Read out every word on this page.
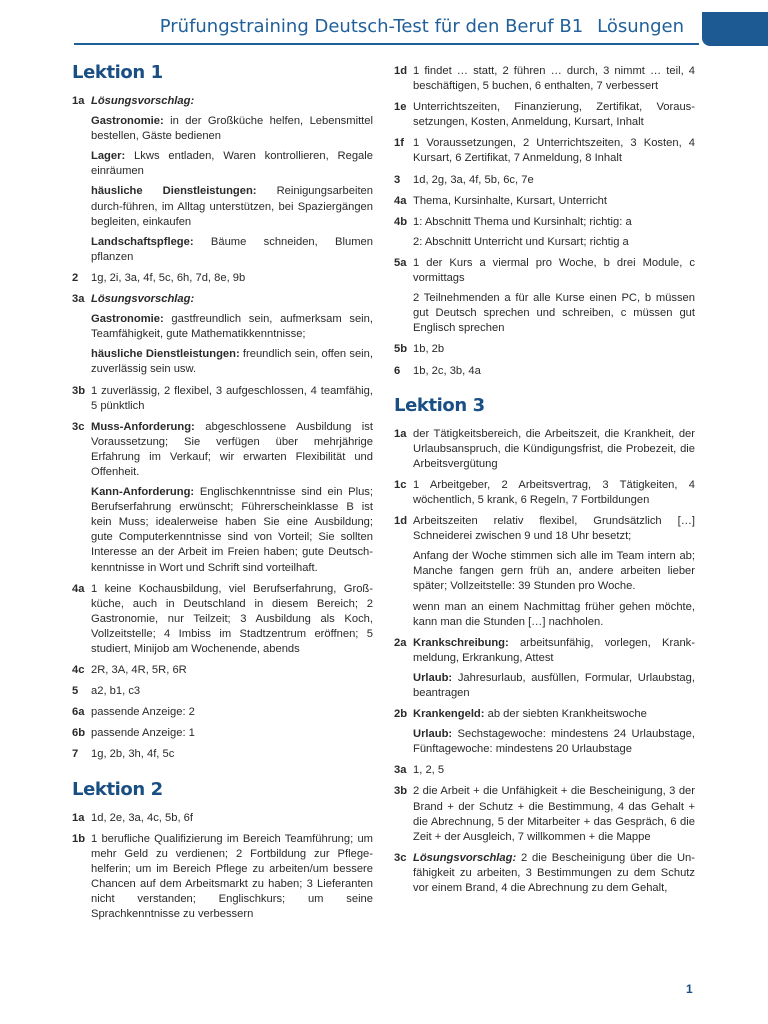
Prüfungstraining Deutsch-Test für den Beruf B1 Lösungen
Lektion 1
1a Lösungsvorschlag:
Gastronomie: in der Großküche helfen, Lebensmittel bestellen, Gäste bedienen
Lager: Lkws entladen, Waren kontrollieren, Regale einräumen
häusliche Dienstleistungen: Reinigungsarbeiten durch-führen, im Alltag unterstützen, bei Spaziergängen begleiten, einkaufen
Landschaftspflege: Bäume schneiden, Blumen pflanzen
2	1g, 2i, 3a, 4f, 5c, 6h, 7d, 8e, 9b
3a Lösungsvorschlag:
Gastronomie: gastfreundlich sein, aufmerksam sein, Teamfähigkeit, gute Mathematikkenntnisse;
häusliche Dienstleistungen: freundlich sein, offen sein, zuverlässig sein usw.
3b 1 zuverlässig, 2 flexibel, 3 aufgeschlossen, 4 teamfähig, 5 pünktlich
3c Muss-Anforderung: abgeschlossene Ausbildung ist Voraussetzung; Sie verfügen über mehrjährige Erfahrung im Verkauf; wir erwarten Flexibilität und Offenheit.
Kann-Anforderung: Englischkenntnisse sind ein Plus; Berufserfahrung erwünscht; Führerscheinklasse B ist kein Muss; idealerweise haben Sie eine Ausbildung; gute Computerkenntnisse sind von Vorteil; Sie sollten Interesse an der Arbeit im Freien haben; gute Deutsch-kenntnisse in Wort und Schrift sind vorteilhaft.
4a 1 keine Kochausbildung, viel Berufserfahrung, Groß-küche, auch in Deutschland in diesem Bereich; 2 Gastronomie, nur Teilzeit; 3 Ausbildung als Koch, Vollzeitstelle; 4 Imbiss im Stadtzentrum eröffnen; 5 studiert, Minijob am Wochenende, abends
4c 2R, 3A, 4R, 5R, 6R
5	a2, b1, c3
6a passende Anzeige: 2
6b passende Anzeige: 1
7	1g, 2b, 3h, 4f, 5c
Lektion 2
1a 1d, 2e, 3a, 4c, 5b, 6f
1b 1 berufliche Qualifizierung im Bereich Teamführung; um mehr Geld zu verdienen; 2 Fortbildung zur Pflege-helferin; um im Bereich Pflege zu arbeiten/um bessere Chancen auf dem Arbeitsmarkt zu haben; 3 Lieferanten nicht verstanden; Englischkurs; um seine Sprachkenntnisse zu verbessern
1d 1 findet … statt, 2 führen … durch, 3 nimmt … teil, 4 beschäftigen, 5 buchen, 6 enthalten, 7 verbessert
1e Unterrichtszeiten, Finanzierung, Zertifikat, Voraus-setzungen, Kosten, Anmeldung, Kursart, Inhalt
1f 1 Voraussetzungen, 2 Unterrichtszeiten, 3 Kosten, 4 Kursart, 6 Zertifikat, 7 Anmeldung, 8 Inhalt
3	1d, 2g, 3a, 4f, 5b, 6c, 7e
4a Thema, Kursinhalte, Kursart, Unterricht
4b 1: Abschnitt Thema und Kursinhalt; richtig: a
2: Abschnitt Unterricht und Kursart; richtig a
5a 1 der Kurs a viermal pro Woche, b drei Module, c vormittags
2 Teilnehmenden a für alle Kurse einen PC, b müssen gut Deutsch sprechen und schreiben, c müssen gut Englisch sprechen
5b 1b, 2b
6	1b, 2c, 3b, 4a
Lektion 3
1a der Tätigkeitsbereich, die Arbeitszeit, die Krankheit, der Urlaubsanspruch, die Kündigungsfrist, die Probezeit, die Arbeitsvergütung
1c 1 Arbeitgeber, 2 Arbeitsvertrag, 3 Tätigkeiten, 4 wöchentlich, 5 krank, 6 Regeln, 7 Fortbildungen
1d Arbeitszeiten relativ flexibel, Grundsätzlich […] Schneiderei zwischen 9 und 18 Uhr besetzt;
Anfang der Woche stimmen sich alle im Team intern ab; Manche fangen gern früh an, andere arbeiten lieber später; Vollzeitstelle: 39 Stunden pro Woche.
wenn man an einem Nachmittag früher gehen möchte, kann man die Stunden […] nachholen.
2a Krankschreibung: arbeitsunfähig, vorlegen, Krank-meldung, Erkrankung, Attest
Urlaub: Jahresurlaub, ausfüllen, Formular, Urlaubstag, beantragen
2b Krankengeld: ab der siebten Krankheitswoche
Urlaub: Sechstagewoche: mindestens 24 Urlaubstage, Fünftagewoche: mindestens 20 Urlaubstage
3a 1, 2, 5
3b 2 die Arbeit + die Unfähigkeit + die Bescheinigung, 3 der Brand + der Schutz + die Bestimmung, 4 das Gehalt + die Abrechnung, 5 der Mitarbeiter + das Gespräch, 6 die Zeit + der Ausgleich, 7 willkommen + die Mappe
3c Lösungsvorschlag: 2 die Bescheinigung über die Un-fähigkeit zu arbeiten, 3 Bestimmungen zu dem Schutz vor einem Brand, 4 die Abrechnung zu dem Gehalt,
1
